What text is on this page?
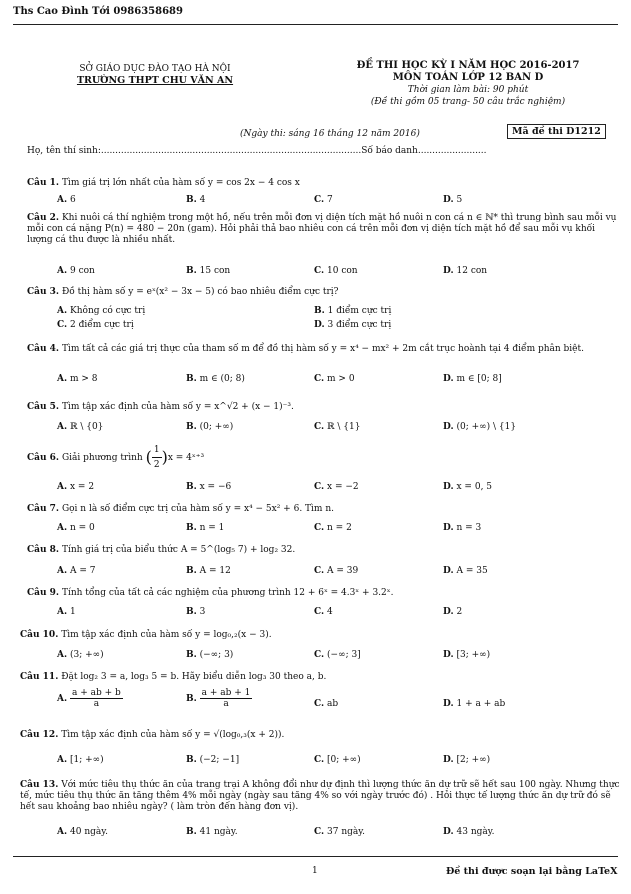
Ths Cao Đình Tới 0986358689
SỞ GIÁO DỤC ĐÀO TẠO HÀ NỘI
TRƯỜNG THPT CHU VĂN AN
ĐỀ THI HỌC KỲ I NĂM HỌC 2016-2017
MÔN TOÁN LỚP 12 BAN D
Thời gian làm bài: 90 phút
(Đề thi gồm 05 trang- 50 câu trắc nghiệm)
(Ngày thi: sáng 16 tháng 12 năm 2016)	Mã đề thi D1212
Họ, tên thí sinh:...........................................................................................Số báo danh........................
Câu 1. Tìm giá trị lớn nhất của hàm số y = cos 2x − 4 cos x
A. 6	B. 4	C. 7	D. 5
Câu 2. Khi nuôi cá thí nghiệm trong một hồ, nếu trên mỗi đơn vị diện tích mặt hồ nuôi n con cá n ∈ ℕ* thì trung bình sau mỗi vụ mỗi con cá nặng P(n) = 480 − 20n (gam). Hỏi phải thả bao nhiêu con cá trên mỗi đơn vị diện tích mặt hồ để sau mỗi vụ khối lượng cá thu được là nhiều nhất.
A. 9 con	B. 15 con	C. 10 con	D. 12 con
Câu 3. Đồ thị hàm số y = eˣ(x² − 3x − 5) có bao nhiêu điểm cực trị?
A. Không có cực trị	B. 1 điểm cực trị
C. 2 điểm cực trị	D. 3 điểm cực trị
Câu 4. Tìm tất cả các giá trị thực của tham số m để đồ thị hàm số y = x⁴ − mx² + 2m cắt trục hoành tại 4 điểm phân biệt.
A. m > 8	B. m ∈ (0; 8)	C. m > 0	D. m ∈ [0; 8]
Câu 5. Tìm tập xác định của hàm số y = x^√2 + (x − 1)⁻³.
A. ℝ \ {0}	B. (0; +∞)	C. ℝ \ {1}	D. (0; +∞) \ {1}
Câu 6. Giải phương trình ( $\frac{1}{2} )x$ = 4ˣ⁺³
A. x = 2	B. x = −6	C. x = −2	D. x = 0, 5
Câu 7. Gọi n là số điểm cực trị của hàm số y = x⁴ − 5x² + 6. Tìm n.
A. n = 0	B. n = 1	C. n = 2	D. n = 3
Câu 8. Tính giá trị của biểu thức A = 5^(log₅ 7) + log₂ 32.
A. A = 7	B. A = 12	C. A = 39	D. A = 35
Câu 9. Tính tổng của tất cả các nghiệm của phương trình 12 + 6ˣ = 4.3ˣ + 3.2ˣ.
A. 1	B. 3	C. 4	D. 2
Câu 10. Tìm tập xác định của hàm số y = log₀,₂(x − 3).
A. (3; +∞)	B. (−∞; 3)	C. (−∞; 3]	D. [3; +∞)
Câu 11. Đặt log₂ 3 = a, log₃ 5 = b. Hãy biểu diễn log₃ 30 theo a, b.
A. $\frac{a + ab + b}{a}$	B. $\frac{a + ab + 1}{a}$	C. ab	D. 1 + a + ab
Câu 12. Tìm tập xác định của hàm số y = √(log₀,₃(x + 2)).
A. [1; +∞)	B. (−2; −1]	C. [0; +∞)	D. [2; +∞)
Câu 13. Với mức tiêu thụ thức ăn của trang trại A không đổi như dự định thì lượng thức ăn dự trữ sẽ hết sau 100 ngày. Nhưng thực tế, mức tiêu thụ thức ăn tăng thêm 4% mỗi ngày (ngày sau tăng 4% so với ngày trước đó) . Hỏi thực tế lượng thức ăn dự trữ đó sẽ hết sau khoảng bao nhiêu ngày? ( làm tròn đến hàng đơn vị).
A. 40 ngày.	B. 41 ngày.	C. 37 ngày.	D. 43 ngày.
1	Đề thi được soạn lại bằng LaTeX
